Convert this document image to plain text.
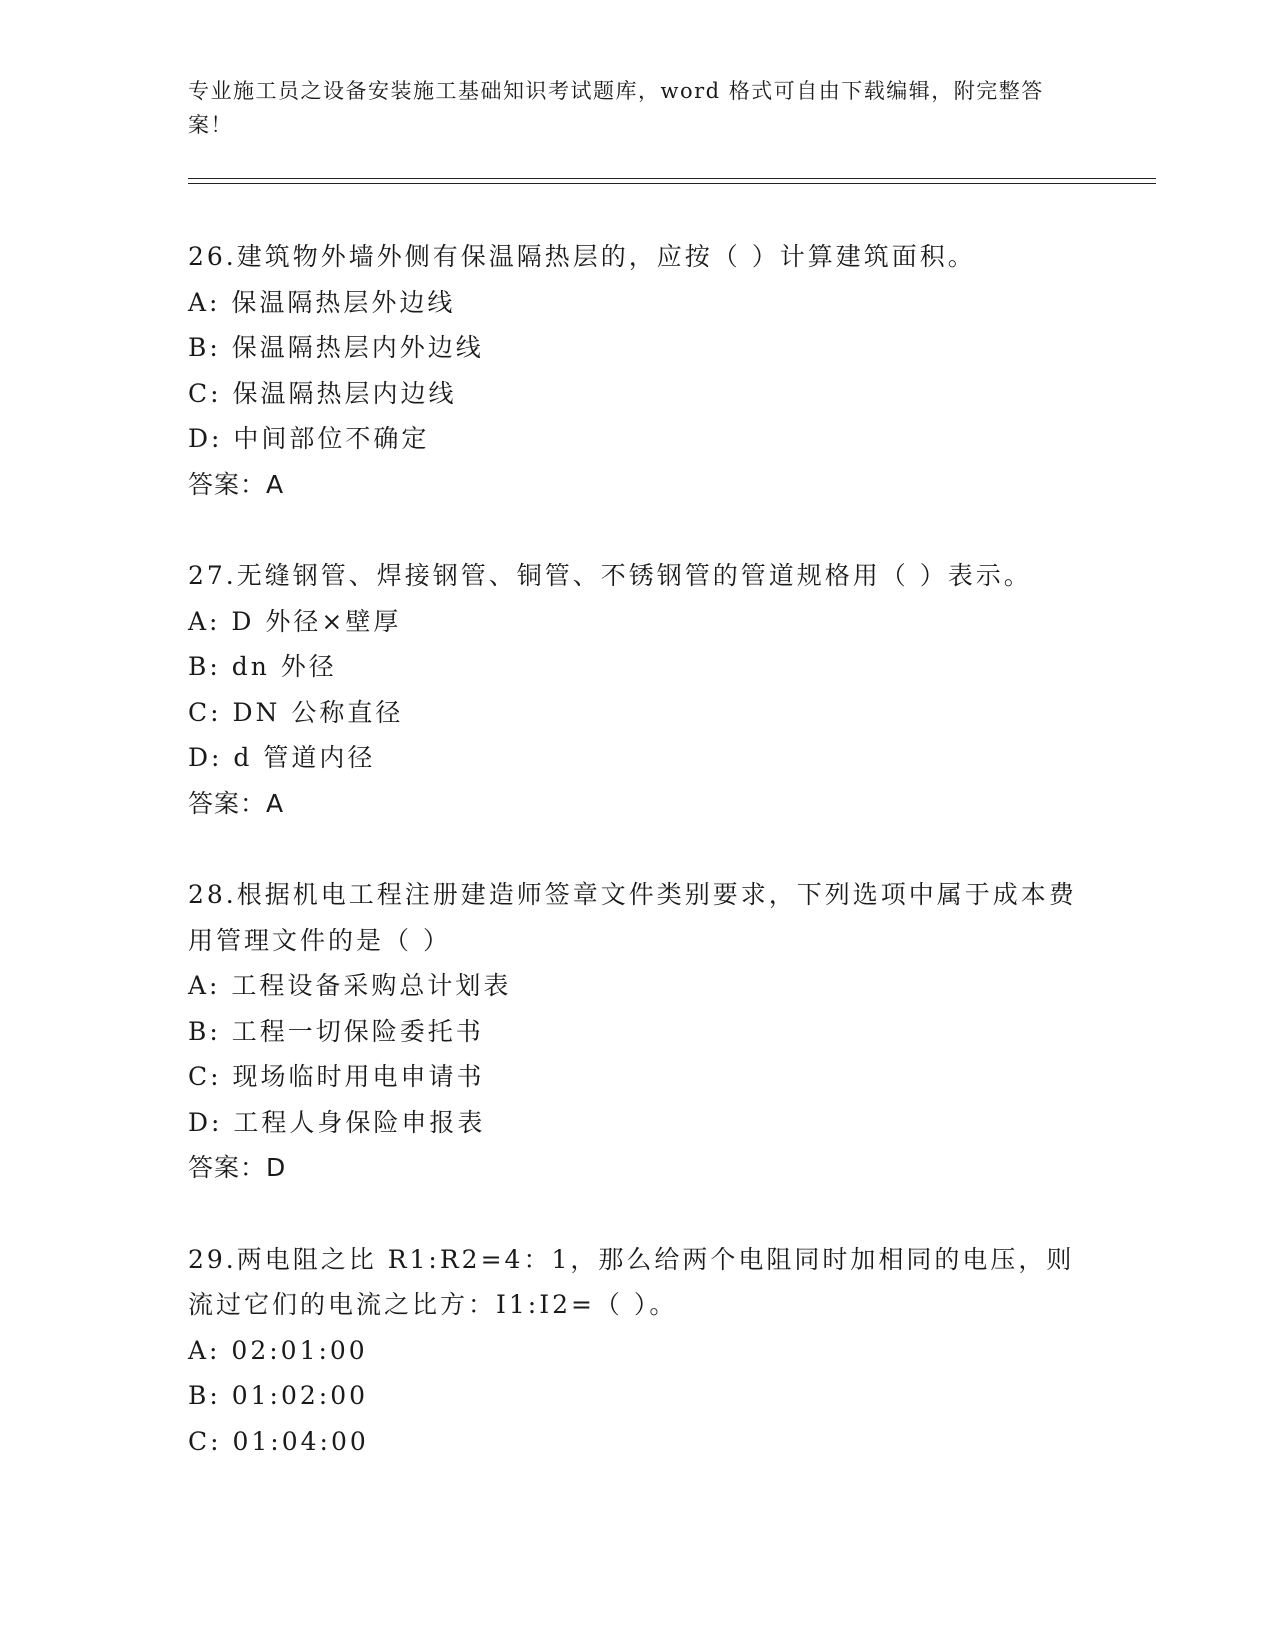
专业施工员之设备安装施工基础知识考试题库，word 格式可自由下载编辑，附完整答案！
26.建筑物外墙外侧有保温隔热层的，应按（ ）计算建筑面积。
A: 保温隔热层外边线
B: 保温隔热层内外边线
C: 保温隔热层内边线
D: 中间部位不确定
答案：A
27.无缝钢管、焊接钢管、铜管、不锈钢管的管道规格用（ ）表示。
A: D 外径×壁厚
B: dn 外径
C: DN 公称直径
D: d 管道内径
答案：A
28.根据机电工程注册建造师签章文件类别要求，下列选项中属于成本费用管理文件的是（ ）
A: 工程设备采购总计划表
B: 工程一切保险委托书
C: 现场临时用电申请书
D: 工程人身保险申报表
答案：D
29.两电阻之比 R1:R2=4：1，那么给两个电阻同时加相同的电压，则流过它们的电流之比方：I1:I2=（ ）。
A: 02:01:00
B: 01:02:00
C: 01:04:00
